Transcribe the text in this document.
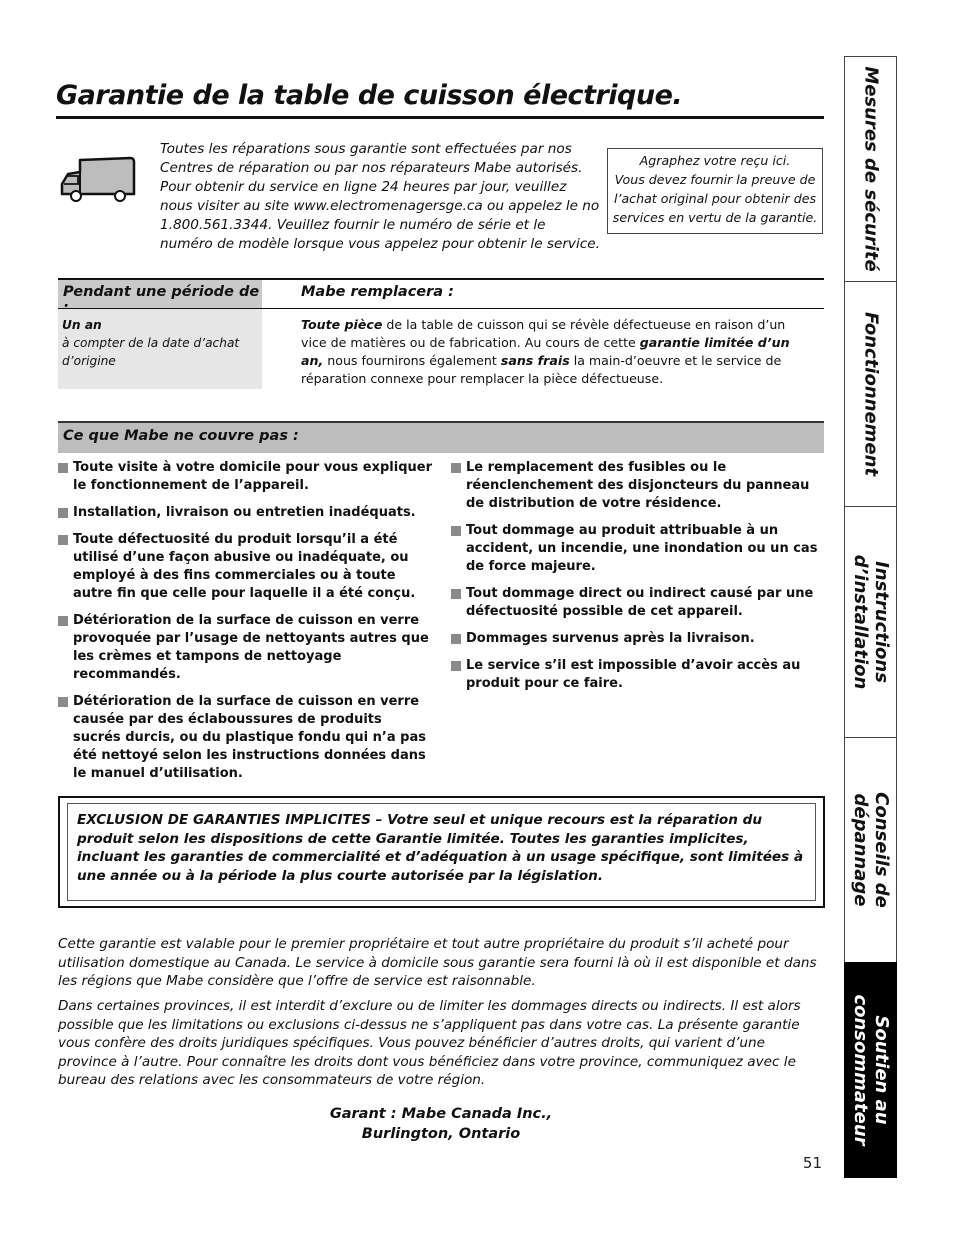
Garantie de la table de cuisson électrique.
Toutes les réparations sous garantie sont effectuées par nos Centres de réparation ou par nos réparateurs Mabe autorisés. Pour obtenir du service en ligne 24 heures par jour, veuillez nous visiter au site www.electromenagersge.ca ou appelez le no 1.800.561.3344. Veuillez fournir le numéro de série et le numéro de modèle lorsque vous appelez pour obtenir le service.
Agraphez votre reçu ici.
Vous devez fournir la preuve de l’achat original pour obtenir des services en vertu de la garantie.
Pendant une période de	Mabe remplacera :
Un an
à compter de la date d’achat d’origine
Toute pièce de la table de cuisson qui se révèle défectueuse en raison d’un vice de matières ou de fabrication. Au cours de cette garantie limitée d’un an, nous fournirons également sans frais la main-d’oeuvre et le service de réparation connexe pour remplacer la pièce défectueuse.
Ce que Mabe ne couvre pas :
Toute visite à votre domicile pour vous expliquer le fonctionnement de l’appareil.
Installation, livraison ou entretien inadéquats.
Toute défectuosité du produit lorsqu’il a été utilisé d’une façon abusive ou inadéquate, ou employé à des fins commerciales ou à toute autre fin que celle pour laquelle il a été conçu.
Détérioration de la surface de cuisson en verre provoquée par l’usage de nettoyants autres que les crèmes et tampons de nettoyage recommandés.
Détérioration de la surface de cuisson en verre causée par des éclaboussures de produits sucrés durcis, ou du plastique fondu qui n’a pas été nettoyé selon les instructions données dans le manuel d’utilisation.
Le remplacement des fusibles ou le réenclenchement des disjoncteurs du panneau de distribution de votre résidence.
Tout dommage au produit attribuable à un accident, un incendie, une inondation ou un cas de force majeure.
Tout dommage direct ou indirect causé par une défectuosité possible de cet appareil.
Dommages survenus après la livraison.
Le service s’il est impossible d’avoir accès au produit pour ce faire.
EXCLUSION DE GARANTIES IMPLICITES – Votre seul et unique recours est la réparation du produit selon les dispositions de cette Garantie limitée. Toutes les garanties implicites, incluant les garanties de commercialité et d’adéquation à un usage spécifique, sont limitées à une année ou à la période la plus courte autorisée par la législation.

Cette garantie est valable pour le premier propriétaire et tout autre propriétaire du produit s’il acheté pour utilisation domestique au Canada. Le service à domicile sous garantie sera fourni là où il est disponible et dans les régions que Mabe considère que l’offre de service est raisonnable.

Dans certaines provinces, il est interdit d’exclure ou de limiter les dommages directs ou indirects. Il est alors possible que les limitations ou exclusions ci-dessus ne s’appliquent pas dans votre cas. La présente garantie vous confère des droits juridiques spécifiques. Vous pouvez bénéficier d’autres droits, qui varient d’une province à l’autre. Pour connaître les droits dont vous bénéficiez dans votre province, communiquez avec le bureau des relations avec les consommateurs de votre région.

Garant : Mabe Canada Inc.,
Burlington, Ontario
51
Mesures de sécurité
Fonctionnement
Instructions
d’installation
Conseils de
dépannage
Soutien au
consommateur
